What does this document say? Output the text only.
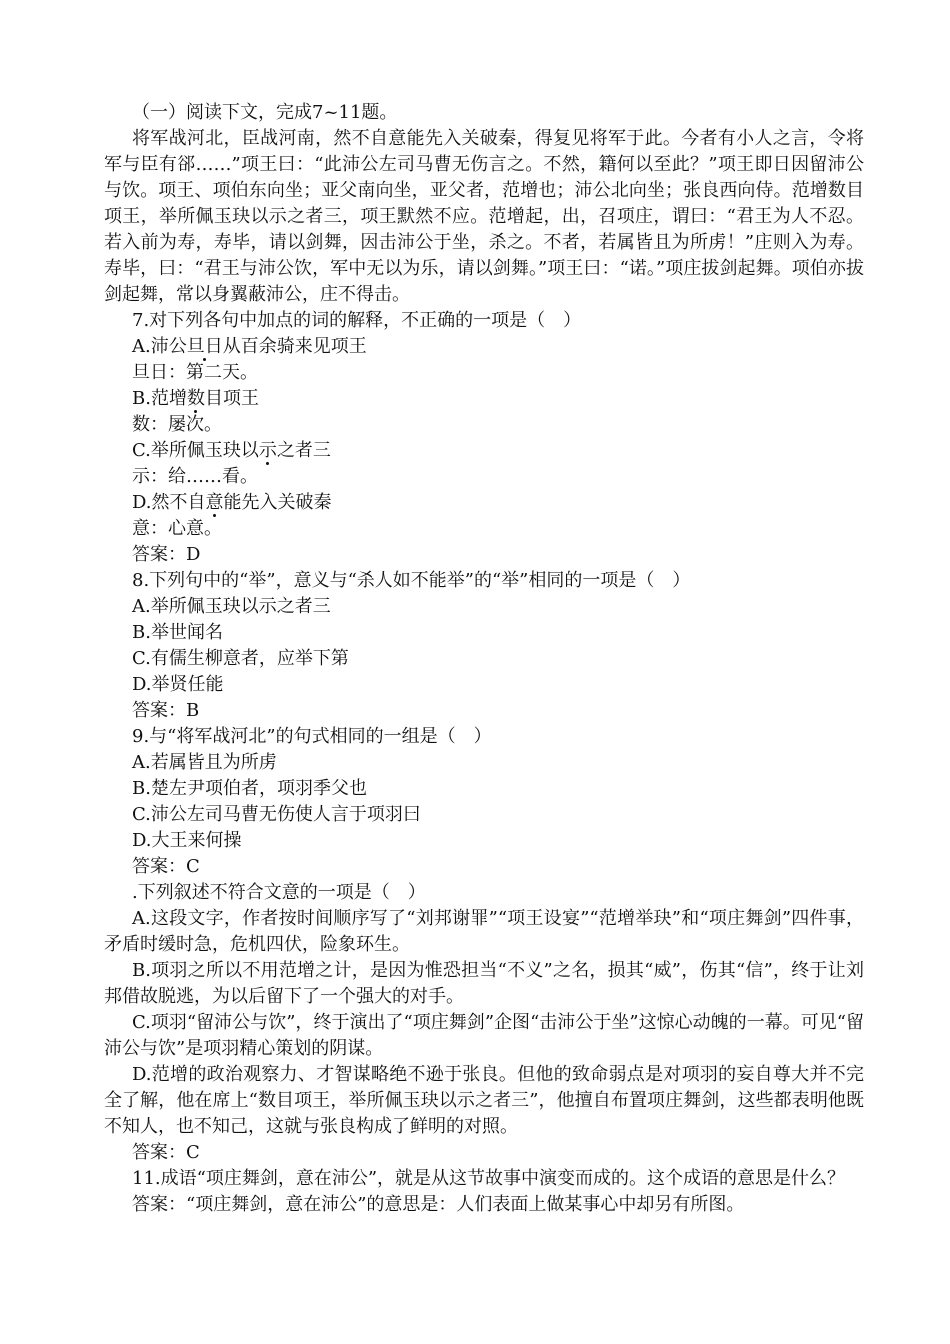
（一）阅读下文，完成7~11题。

将军战河北，臣战河南，然不自意能先入关破秦，得复见将军于此。今者有小人之言，令将军与臣有郤……”项王曰：“此沛公左司马曹无伤言之。不然，籍何以至此？”项王即日因留沛公与饮。项王、项伯东向坐；亚父南向坐，亚父者，范增也；沛公北向坐；张良西向侍。范增数目项王，举所佩玉玦以示之者三，项王默然不应。范增起，出，召项庄，谓曰：“君王为人不忍。若入前为寿，寿毕，请以剑舞，因击沛公于坐，杀之。不者，若属皆且为所虏！”庄则入为寿。寿毕，曰：“君王与沛公饮，军中无以为乐，请以剑舞。”项王曰：“诺。”项庄拔剑起舞。项伯亦拔剑起舞，常以身翼蔽沛公，庄不得击。

7.对下列各句中加点的词的解释，不正确的一项是（　）

A.沛公旦日从百余骑来见项王

旦日：第二天。

B.范增数目项王

数：屡次。

C.举所佩玉玦以示之者三

示：给……看。

D.然不自意能先入关破秦

意：心意。

答案：D

8.下列句中的“举”，意义与“杀人如不能举”的“举”相同的一项是（　）

A.举所佩玉玦以示之者三

B.举世闻名

C.有儒生柳意者，应举下第

D.举贤任能

答案：B

9.与“将军战河北”的句式相同的一组是（　）

A.若属皆且为所虏

B.楚左尹项伯者，项羽季父也

C.沛公左司马曹无伤使人言于项羽曰

D.大王来何操

答案：C

.下列叙述不符合文意的一项是（　）

A.这段文字，作者按时间顺序写了“刘邦谢罪”“项王设宴”“范增举玦”和“项庄舞剑”四件事，矛盾时缓时急，危机四伏，险象环生。

B.项羽之所以不用范增之计，是因为惟恐担当“不义”之名，损其“威”，伤其“信”，终于让刘邦借故脱逃，为以后留下了一个强大的对手。

C.项羽“留沛公与饮”，终于演出了“项庄舞剑”企图“击沛公于坐”这惊心动魄的一幕。可见“留沛公与饮”是项羽精心策划的阴谋。

D.范增的政治观察力、才智谋略绝不逊于张良。但他的致命弱点是对项羽的妄自尊大并不完全了解，他在席上“数目项王，举所佩玉玦以示之者三”，他擅自布置项庄舞剑，这些都表明他既不知人，也不知己，这就与张良构成了鲜明的对照。

答案：C

11.成语“项庄舞剑，意在沛公”，就是从这节故事中演变而成的。这个成语的意思是什么？

答案：“项庄舞剑，意在沛公”的意思是：人们表面上做某事心中却另有所图。
